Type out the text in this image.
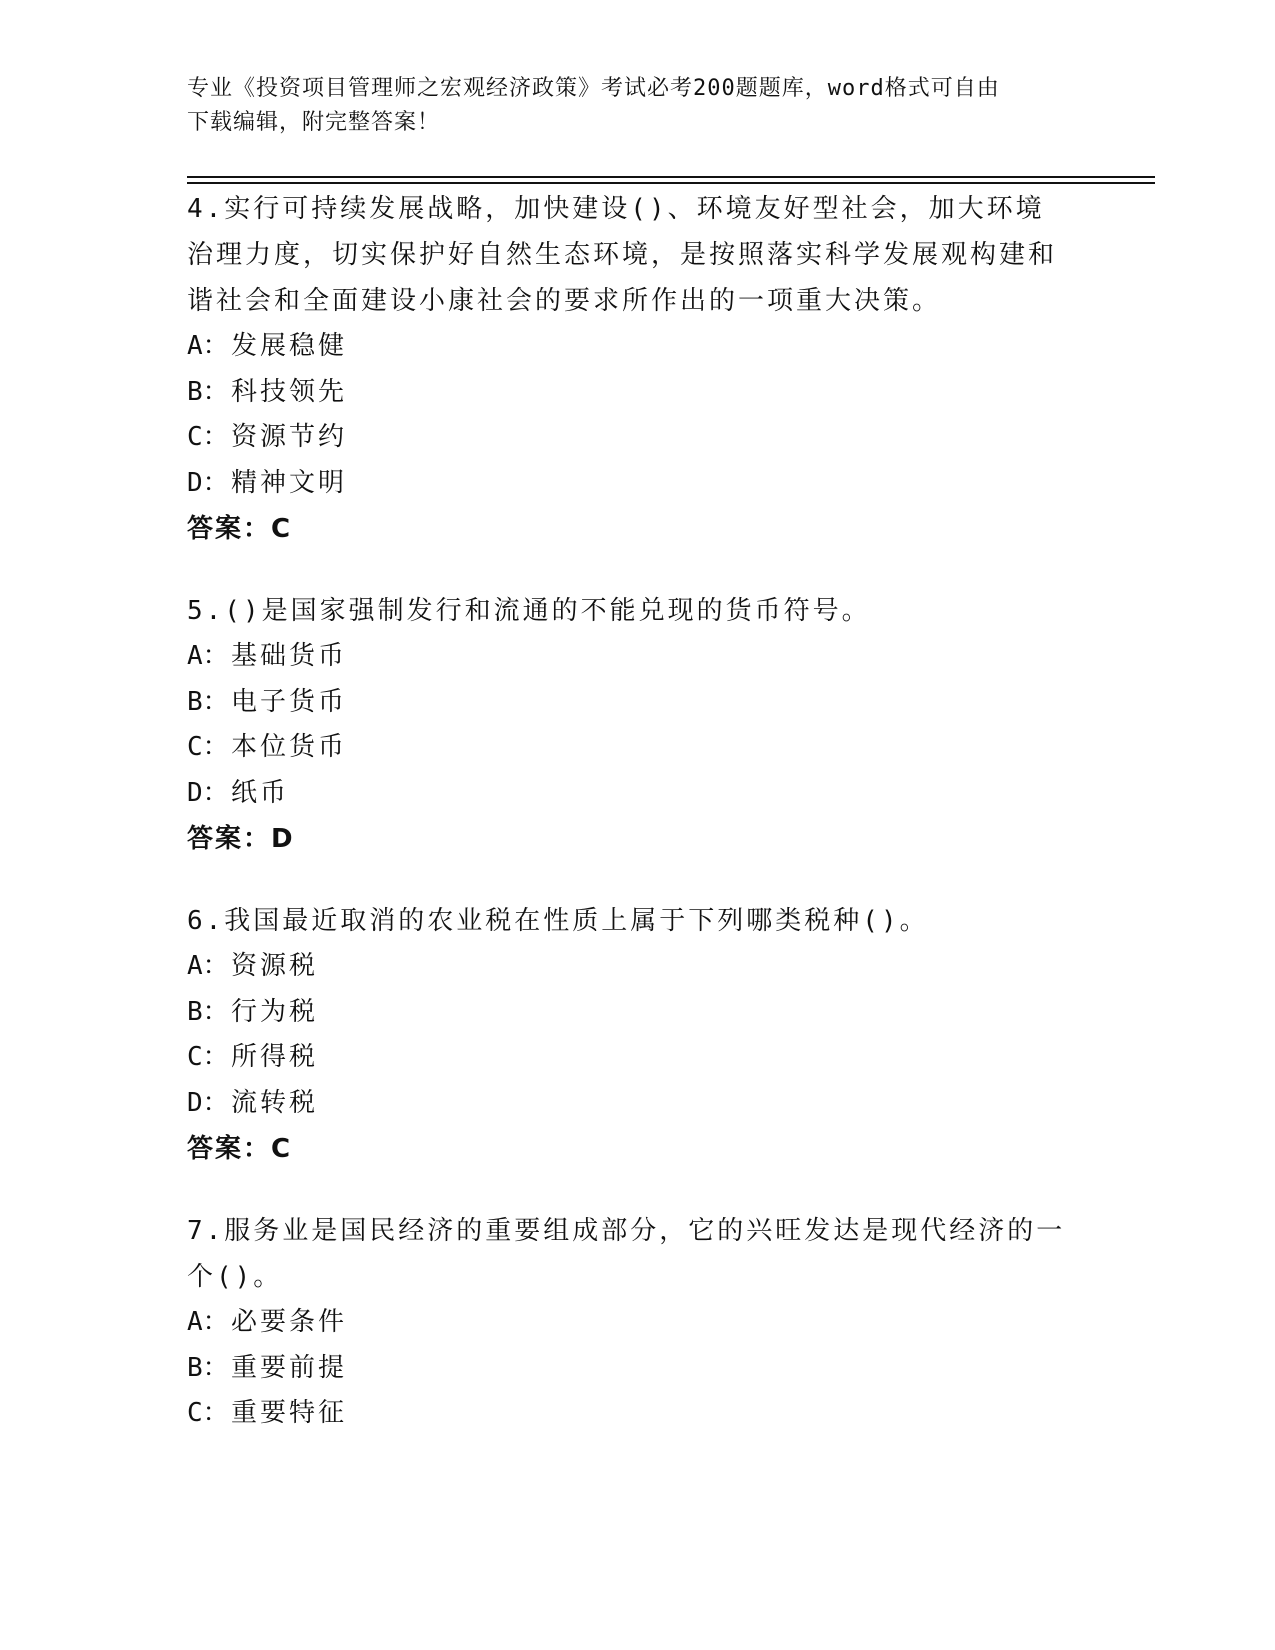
专业《投资项目管理师之宏观经济政策》考试必考200题题库，word格式可自由
下载编辑，附完整答案！
4.实行可持续发展战略，加快建设()、环境友好型社会，加大环境治理力度，切实保护好自然生态环境，是按照落实科学发展观构建和谐社会和全面建设小康社会的要求所作出的一项重大决策。
A：发展稳健
B：科技领先
C：资源节约
D：精神文明
答案：C
5.()是国家强制发行和流通的不能兑现的货币符号。
A：基础货币
B：电子货币
C：本位货币
D：纸币
答案：D
6.我国最近取消的农业税在性质上属于下列哪类税种()。
A：资源税
B：行为税
C：所得税
D：流转税
答案：C
7.服务业是国民经济的重要组成部分，它的兴旺发达是现代经济的一个()。
A：必要条件
B：重要前提
C：重要特征
